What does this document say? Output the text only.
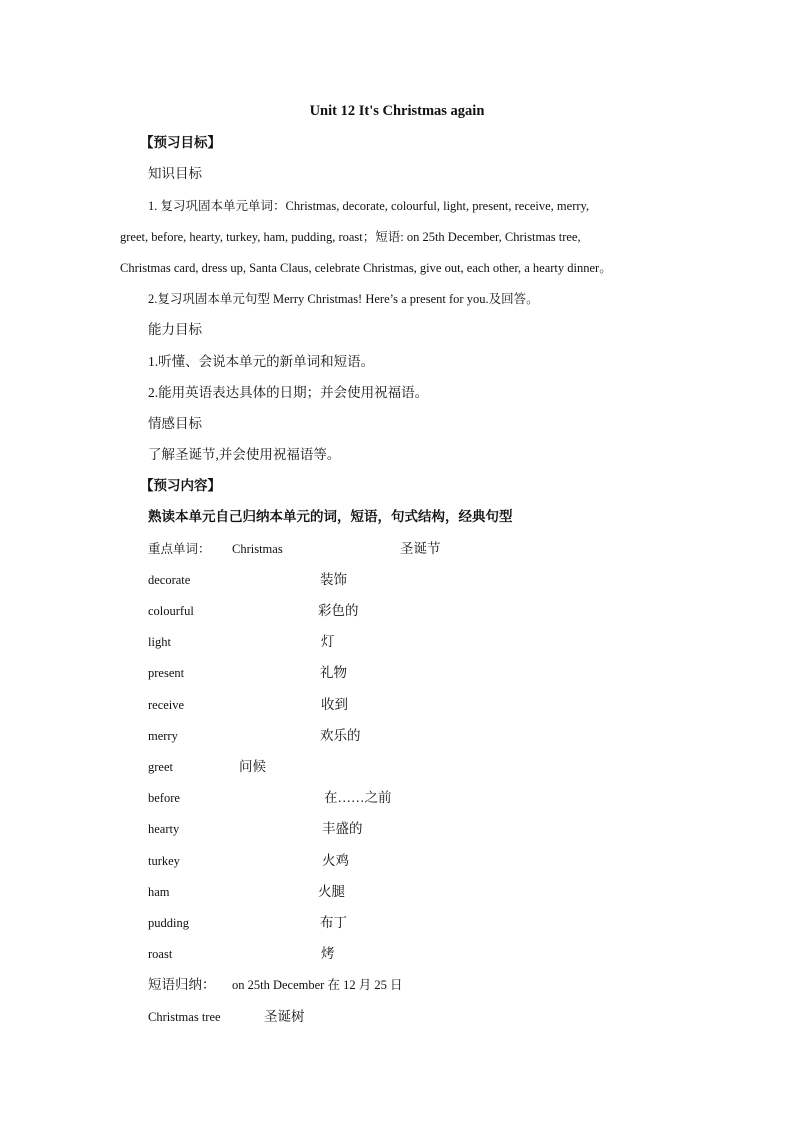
Unit 12 It's Christmas again
【预习目标】
知识目标
1. 复习巩固本单元单词：Christmas, decorate, colourful, light, present, receive, merry,
greet, before, hearty, turkey, ham, pudding, roast；短语: on 25th December, Christmas tree,
Christmas card, dress up, Santa Claus, celebrate Christmas, give out, each other, a hearty dinner。
2.复习巩固本单元句型 Merry Christmas! Here’s a present for you.及回答。
能力目标
1.听懂、会说本单元的新单词和短语。
2.能用英语表达具体的日期；并会使用祝福语。
情感目标
了解圣诞节,并会使用祝福语等。
【预习内容】
熟读本单元自己归纳本单元的词，短语，句式结构，经典句型
重点单词： Christmas	圣诞节
decorate	装饰
colourful	彩色的
light	灯
present	礼物
receive	收到
merry	欢乐的
greet	问候
before	在……之前
hearty	丰盛的
turkey	火鸡
ham	火腿
pudding	布丁
roast	烤
短语归纳： on 25th December 在 12 月 25 日
Christmas tree	圣诞树
